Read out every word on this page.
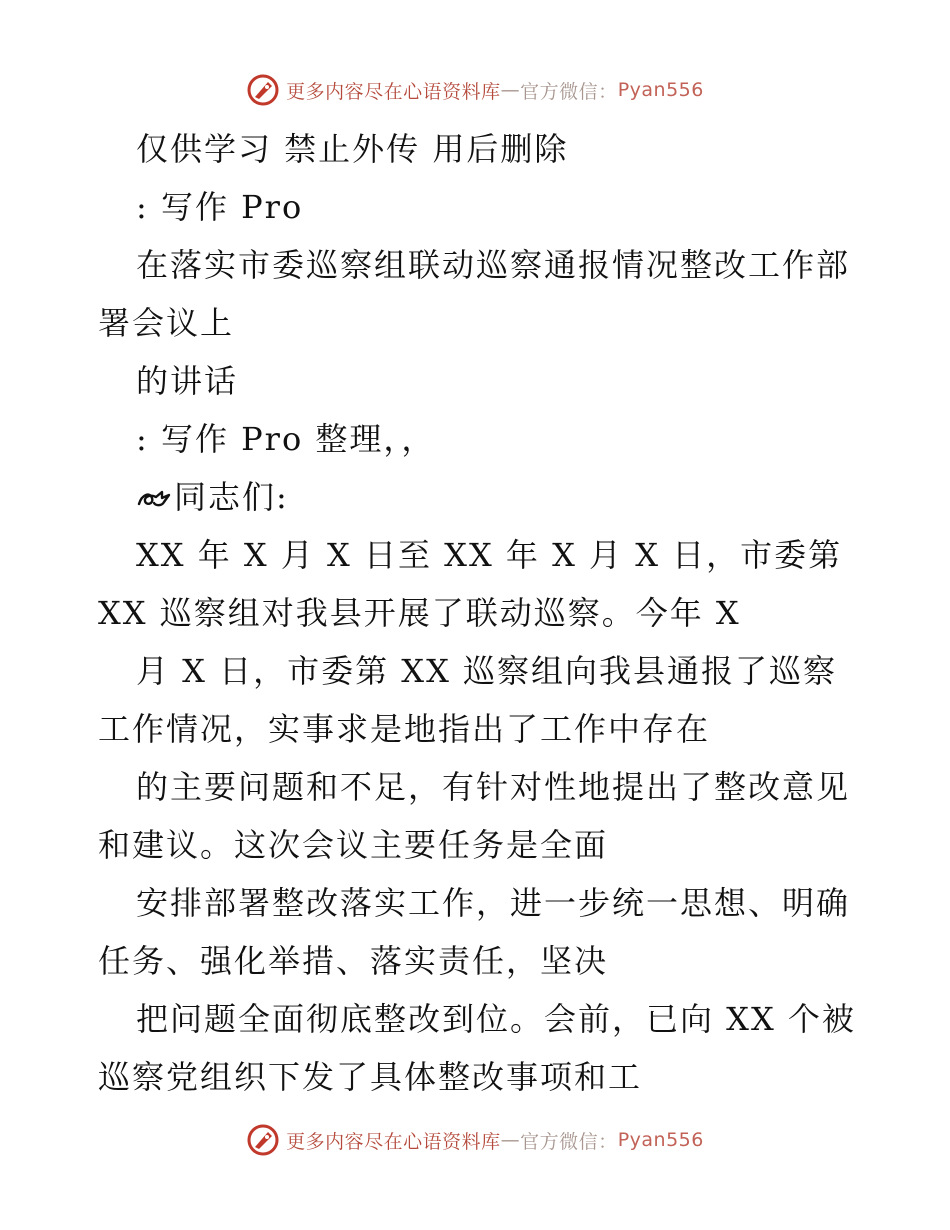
更多内容尽在心语资料库 — 官方微信： Pyan556

仅供学习 禁止外传 用后删除

: 写作 Pro

在落实市委巡察组联动巡察通报情况整改工作部署会议上

的讲话

: 写作 Pro 整理，，

同志们:

XX 年 X 月 X 日至 XX 年 X 月 X 日，市委第 XX 巡察组对我县开展了联动巡察。今年 X

月 X 日，市委第 XX 巡察组向我县通报了巡察工作情况，实事求是地指出了工作中存在

的主要问题和不足，有针对性地提出了整改意见和建议。这次会议主要任务是全面

安排部署整改落实工作，进一步统一思想、明确任务、强化举措、落实责任，坚决

把问题全面彻底整改到位。会前，已向 XX 个被巡察党组织下发了具体整改事项和工

更多内容尽在心语资料库 — 官方微信： Pyan556
